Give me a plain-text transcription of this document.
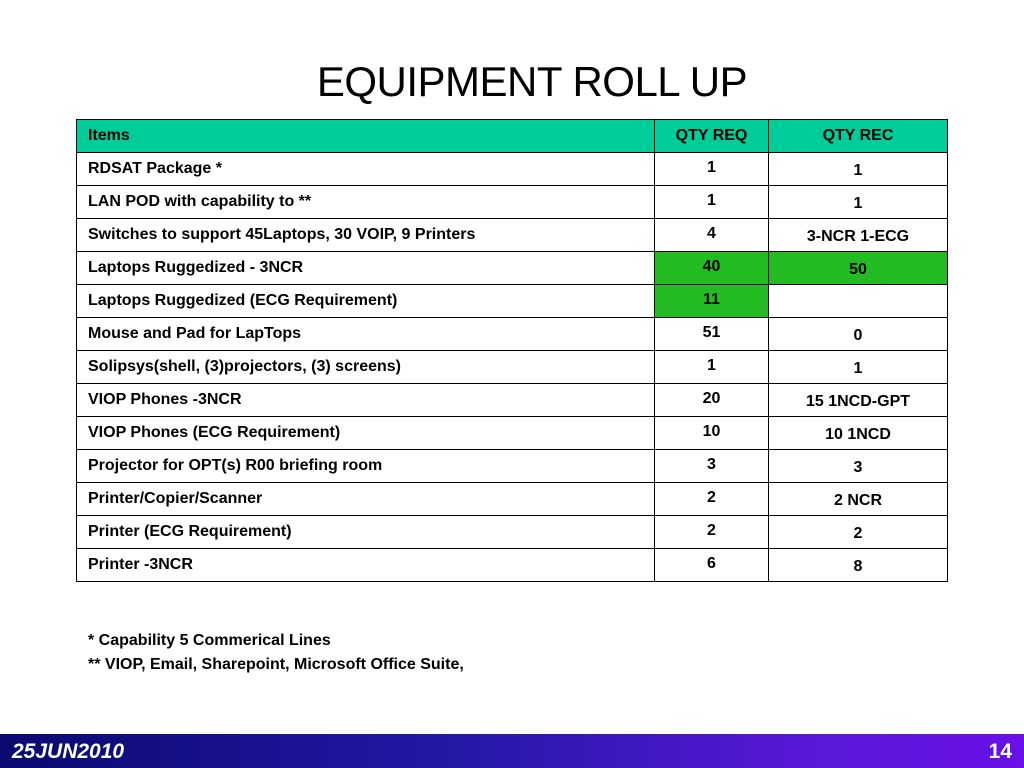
EQUIPMENT ROLL UP
Items	QTY REQ	QTY REC
RDSAT Package *	1	1
LAN POD with capability to **	1	1
Switches to support 45Laptops, 30 VOIP, 9 Printers	4	3-NCR 1-ECG
Laptops Ruggedized - 3NCR	40	50
Laptops Ruggedized (ECG Requirement)	11	
Mouse and Pad for LapTops	51	0
Solipsys(shell, (3)projectors, (3) screens)	1	1
VIOP Phones -3NCR	20	15 1NCD-GPT
VIOP Phones (ECG Requirement)	10	10 1NCD
Projector for OPT(s) R00 briefing room	3	3
Printer/Copier/Scanner	2	2 NCR
Printer (ECG Requirement)	2	2
Printer -3NCR	6	8
* Capability 5 Commerical Lines
** VIOP, Email, Sharepoint, Microsoft Office Suite,
25JUN2010	14
